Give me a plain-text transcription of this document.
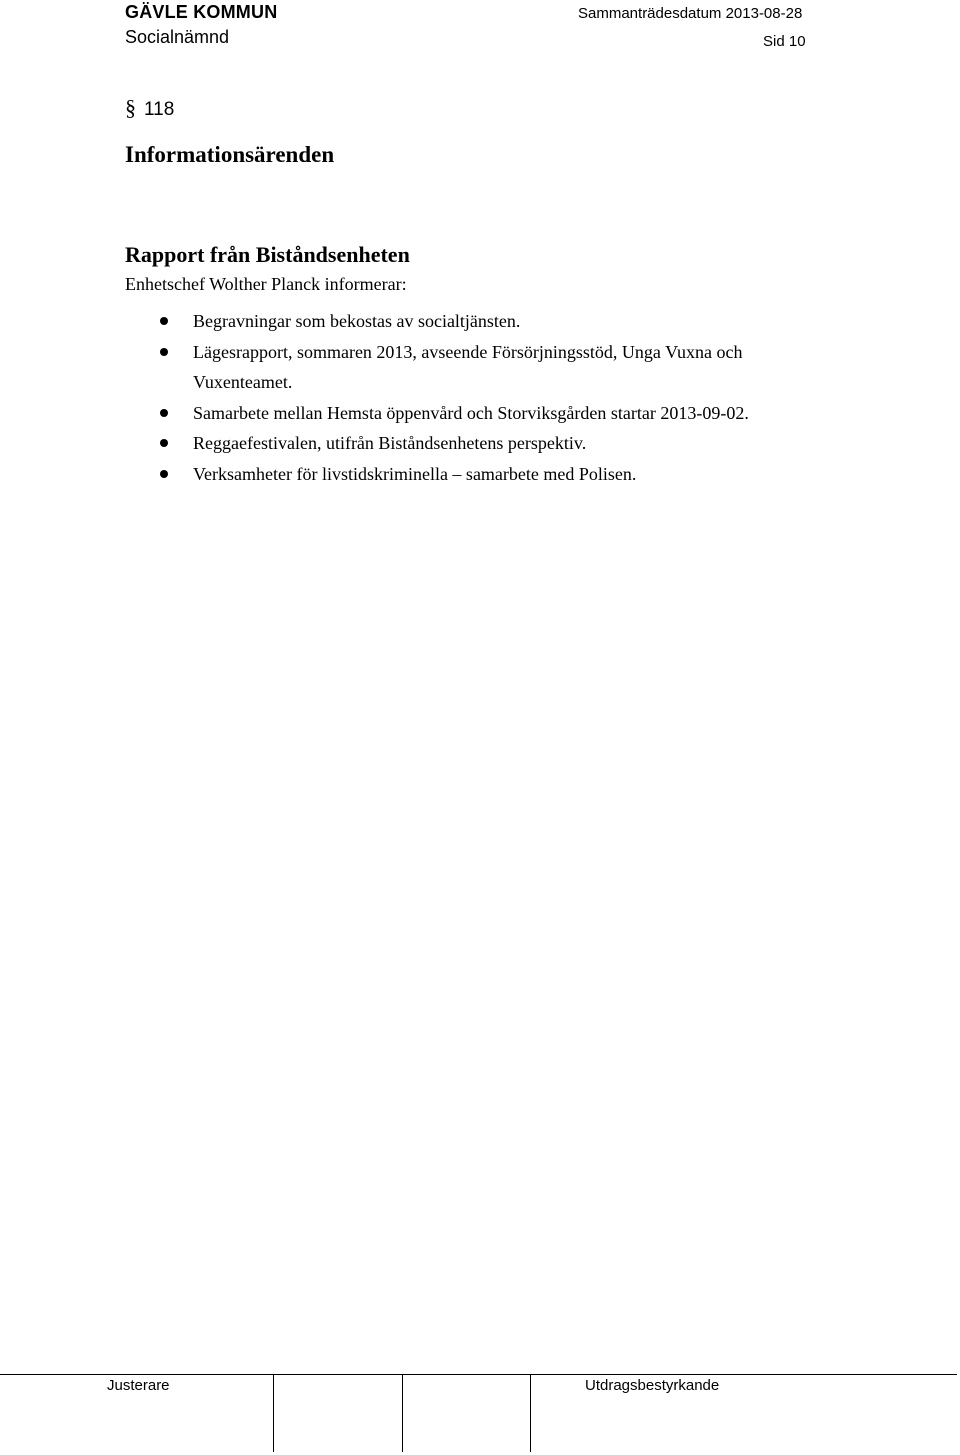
GÄVLE KOMMUN
Socialnämnd
Sammanträdesdatum 2013-08-28
Sid 10
§ 118
Informationsärenden
Rapport från Biståndsenheten
Enhetschef Wolther Planck informerar:
Begravningar som bekostas av socialtjänsten.
Lägesrapport, sommaren 2013, avseende Försörjningsstöd, Unga Vuxna och Vuxenteamet.
Samarbete mellan Hemsta öppenvård och Storviksgården startar 2013-09-02.
Reggaefestivalen, utifrån Biståndsenhetens perspektiv.
Verksamheter för livstidskriminella – samarbete med Polisen.
Justerare	Utdragsbestyrkande
